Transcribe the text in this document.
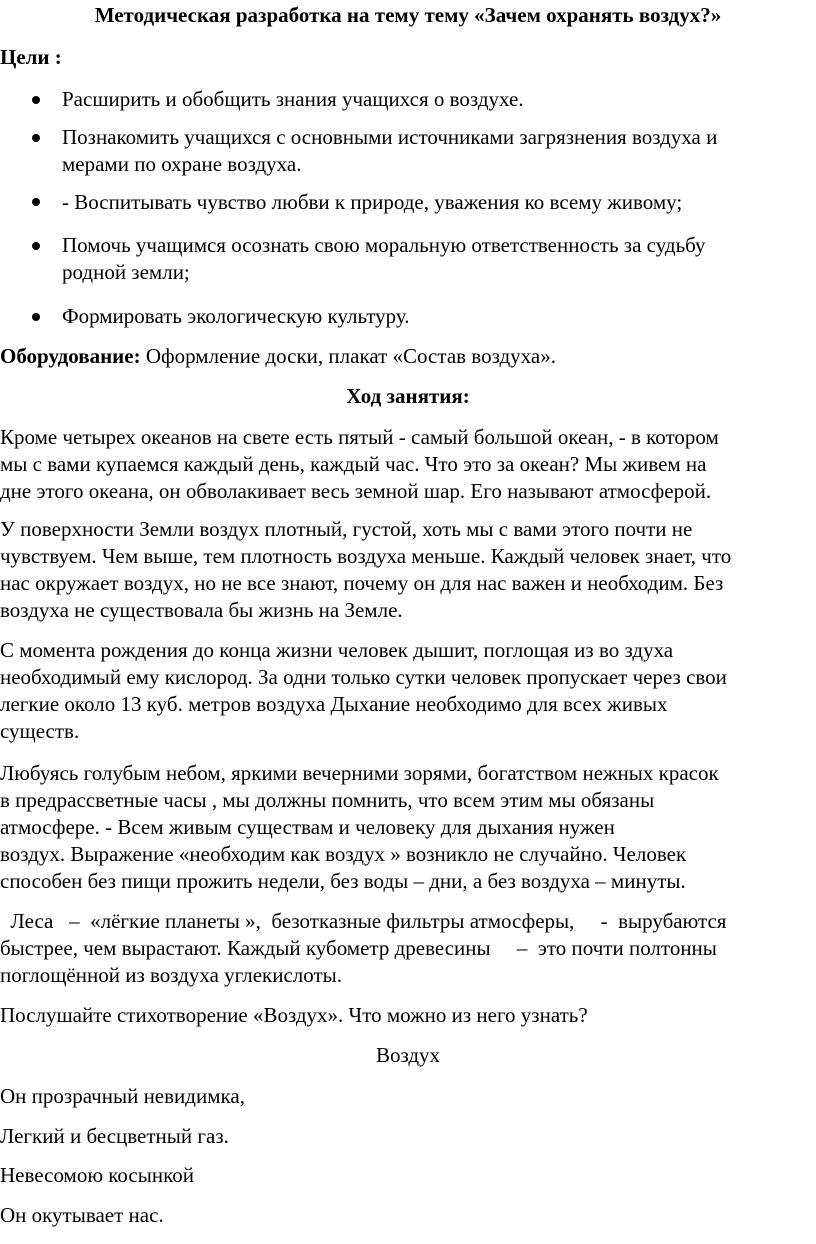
Методическая разработка на тему тему «Зачем охранять воздух?»
Цели :
Расширить и обобщить знания учащихся о воздухе.
Познакомить учащихся с основными источниками загрязнения воздуха и
мерами по охране воздуха.
- Воспитывать чувство любви к природе, уважения ко всему живому;
Помочь учащимся осознать свою моральную ответственность за судьбу
родной земли;
Формировать экологическую культуру.
Оборудование: Оформление доски, плакат «Состав воздуха».
Ход занятия:
Кроме четырех океанов на свете есть пятый - самый большой океан, - в котором
мы с вами купаемся каждый день, каждый час. Что это за океан? Мы живем на
дне этого океана, он обволакивает весь земной шар. Его называют атмосферой.
У поверхности Земли воздух плотный, густой, хоть мы с вами этого почти не
чувствуем. Чем выше, тем плотность воздуха меньше. Каждый человек знает, что
нас окружает воздух, но не все знают, почему он для нас важен и необходим. Без
воздуха не существовала бы жизнь на Земле.
С момента рождения до конца жизни человек дышит, поглощая из во здуха
необходимый ему кислород. За одни только сутки человек пропускает через свои
легкие около 13 куб. метров воздуха Дыхание необходимо для всех живых
существ.
Любуясь голубым небом, яркими вечерними зорями, богатством нежных красок
в предрассветные часы , мы должны помнить, что всем этим мы обязаны
атмосфере. - Всем живым существам и человеку для дыхания нужен
воздух. Выражение «необходим как воздух » возникло не случайно. Человек
способен без пищи прожить недели, без воды – дни, а без воздуха – минуты.
Леса   –  «лёгкие планеты »,  безотказные фильтры атмосферы,     -  вырубаются
быстрее, чем вырастают. Каждый кубометр древесины     –  это почти полтонны
поглощённой из воздуха углекислоты.
Послушайте стихотворение «Воздух». Что можно из него узнать?
Воздух
Он прозрачный невидимка,
Легкий и бесцветный газ.
Невесомою косынкой
Он окутывает нас.
